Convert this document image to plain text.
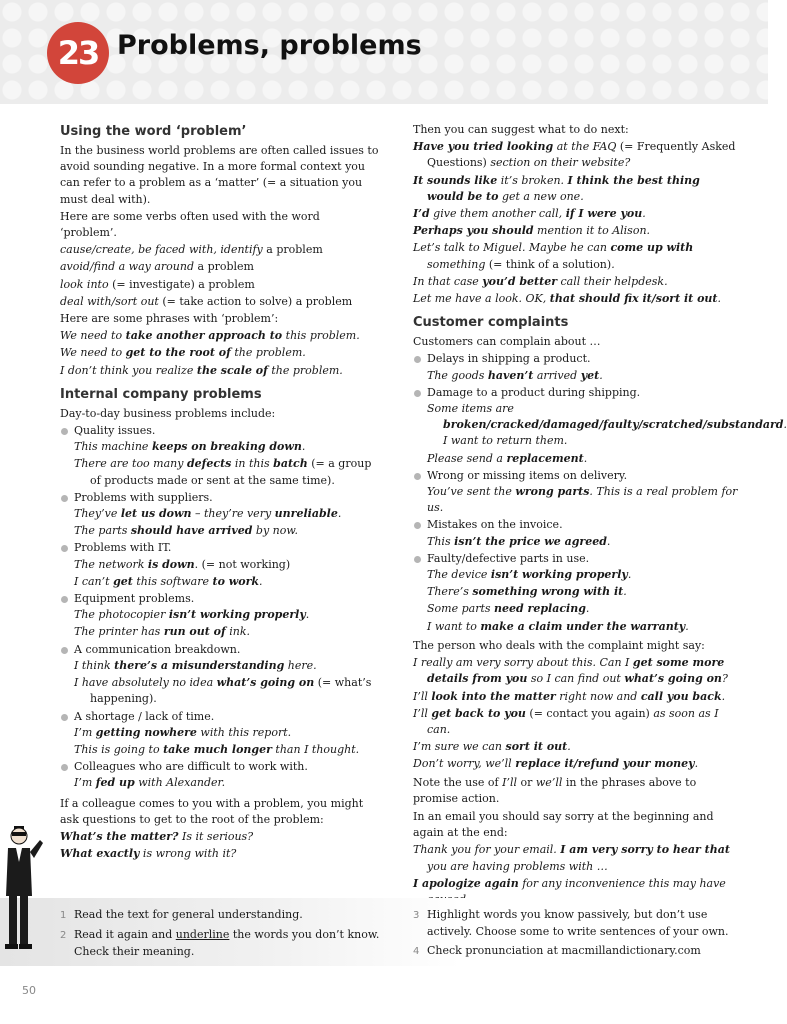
23 Problems, problems
Using the word ‘problem’

In the business world problems are often called issues to avoid sounding negative. In a more formal context you can refer to a problem as a ‘matter’ (= a situation you must deal with).

Here are some verbs often used with the word ‘problem’.

cause/create, be faced with, identify a problem

avoid/find a way around a problem

look into (= investigate) a problem

deal with/sort out (= take action to solve) a problem

Here are some phrases with ‘problem’:

We need to take another approach to this problem.

We need to get to the root of the problem.

I don’t think you realize the scale of the problem.

Internal company problems

Day-to-day business problems include:

Quality issues.

This machine keeps on breaking down.

There are too many defects in this batch (= a group of products made or sent at the same time).

Problems with suppliers.

They’ve let us down – they’re very unreliable.

The parts should have arrived by now.

Problems with IT.

The network is down. (= not working)

I can’t get this software to work.

Equipment problems.

The photocopier isn’t working properly.

The printer has run out of ink.

A communication breakdown.

I think there’s a misunderstanding here.

I have absolutely no idea what’s going on (= what’s happening).

A shortage / lack of time.

I’m getting nowhere with this report.

This is going to take much longer than I thought.

Colleagues who are difficult to work with.

I’m fed up with Alexander.

If a colleague comes to you with a problem, you might ask questions to get to the root of the problem:

What’s the matter? Is it serious?

What exactly is wrong with it?

Then you can suggest what to do next:

Have you tried looking at the FAQ (= Frequently Asked Questions) section on their website?

It sounds like it’s broken. I think the best thing would be to get a new one.

I’d give them another call, if I were you.

Perhaps you should mention it to Alison.

Let’s talk to Miguel. Maybe he can come up with something (= think of a solution).

In that case you’d better call their helpdesk.

Let me have a look. OK, that should fix it/sort it out.

Customer complaints

Customers can complain about …

Delays in shipping a product.

The goods haven’t arrived yet.

Damage to a product during shipping.

Some items are broken/cracked/damaged/faulty/scratched/substandard. I want to return them.

Please send a replacement.

Wrong or missing items on delivery.

You’ve sent the wrong parts. This is a real problem for us.

Mistakes on the invoice.

This isn’t the price we agreed.

Faulty/defective parts in use.

The device isn’t working properly.

There’s something wrong with it.

Some parts need replacing.

I want to make a claim under the warranty.

The person who deals with the complaint might say:

I really am very sorry about this. Can I get some more details from you so I can find out what’s going on?

I’ll look into the matter right now and call you back.

I’ll get back to you (= contact you again) as soon as I can.

I’m sure we can sort it out.

Don’t worry, we’ll replace it/refund your money.

Note the use of I’ll or we’ll in the phrases above to promise action.

In an email you should say sorry at the beginning and again at the end:

Thank you for your email. I am very sorry to hear that you are having problems with …

I apologize again for any inconvenience this may have

1 Read the text for general understanding.
2 Read it again and underline the words you don’t know.
Check their meaning.
3 Highlight words you know passively, but don’t use
actively. Choose some to write sentences of your own.
4 Check pronunciation at macmillandictionary.com
50
